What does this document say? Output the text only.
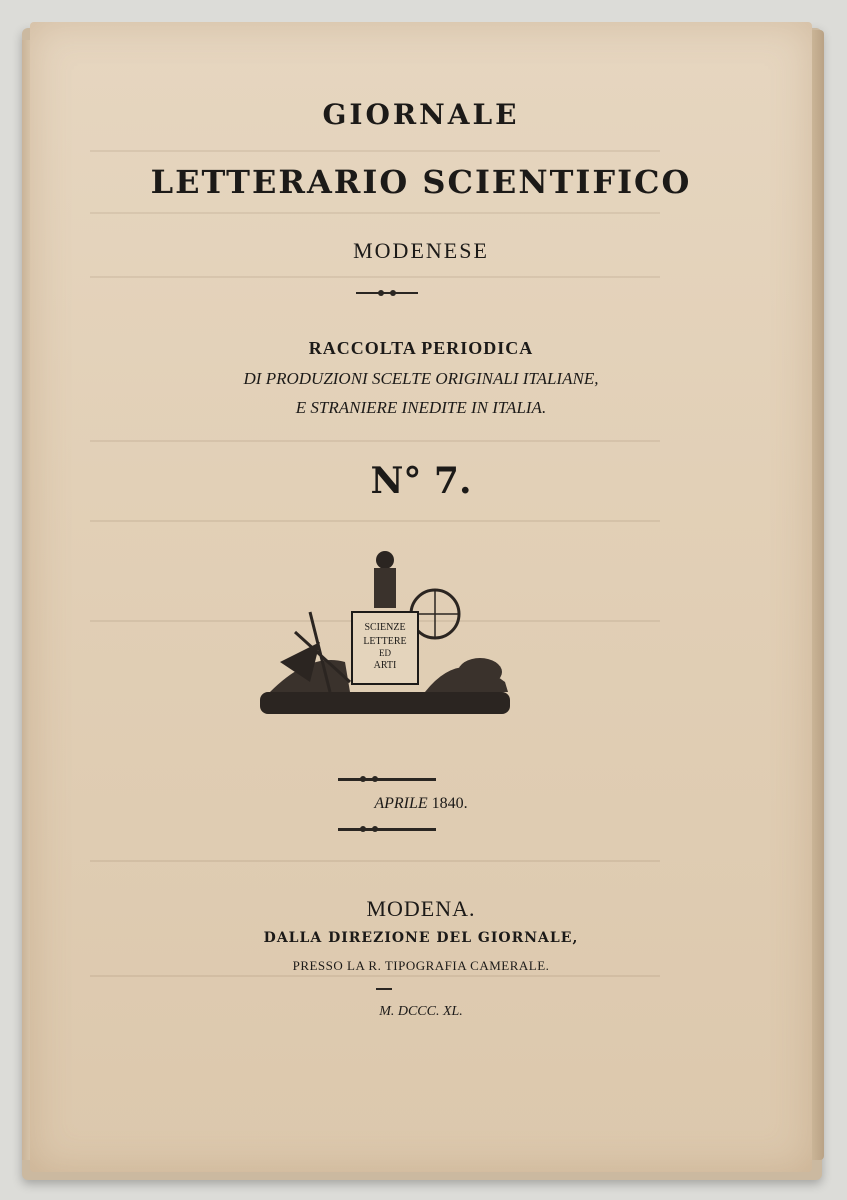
GIORNALE
LETTERARIO SCIENTIFICO
MODENESE
RACCOLTA PERIODICA
DI PRODUZIONI SCELTE ORIGINALI ITALIANE,
E STRANIERE INEDITE IN ITALIA.
N° 7.
SCIENZE
LETTERE
ED
ARTI
APRILE 1840.
MODENA.
DALLA DIREZIONE DEL GIORNALE,
PRESSO LA R. TIPOGRAFIA CAMERALE.
M. DCCC. XL.
